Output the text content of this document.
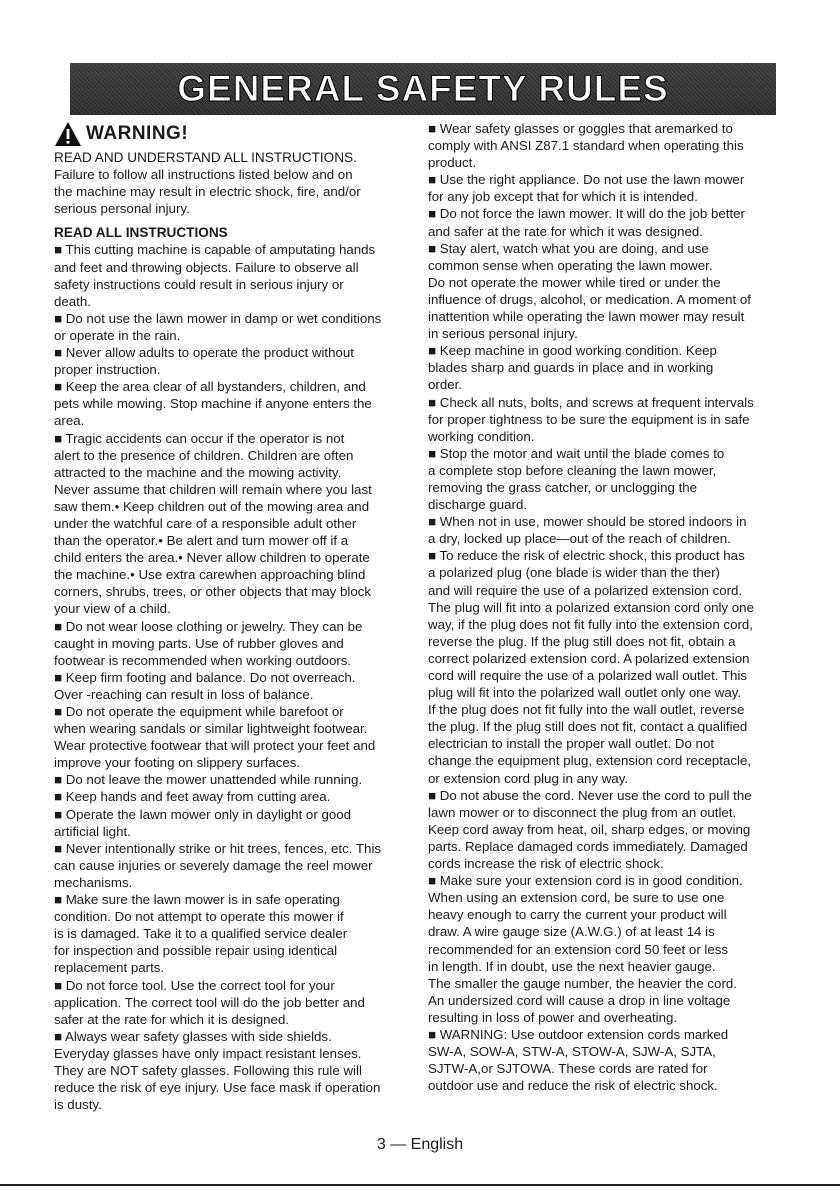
GENERAL SAFETY RULES
WARNING!

READ AND UNDERSTAND ALL INSTRUCTIONS.

Failure to follow all instructions listed below and on

the machine may result in electric shock, fire, and/or

serious personal injury.

READ ALL INSTRUCTIONS

■ This cutting machine is capable of amputating hands

and feet and throwing objects. Failure to observe all

safety instructions could result in serious injury or

death.

■ Do not use the lawn mower in damp or wet conditions

or operate in the rain.

■ Never allow adults to operate the product without

proper instruction.

■ Keep the area clear of all bystanders, children, and

pets while mowing. Stop machine if anyone enters the

area.

■ Tragic accidents can occur if the operator is not

alert to the presence of children. Children are often

attracted to the machine and the mowing activity.

Never assume that children will remain where you last

saw them.• Keep children out of the mowing area and

under the watchful care of a responsible adult other

than the operator.• Be alert and turn mower off if a

child enters the area.• Never allow children to operate

the machine.• Use extra carewhen approaching blind

corners, shrubs, trees, or other objects that may block

your view of a child.

■ Do not wear loose clothing or jewelry. They can be

caught in moving parts. Use of rubber gloves and

footwear is recommended when working outdoors.

■ Keep firm footing and balance. Do not overreach.

Over -reaching can result in loss of balance.

■ Do not operate the equipment while barefoot or

when wearing sandals or similar lightweight footwear.

Wear protective footwear that will protect your feet and

improve your footing on slippery surfaces.

■ Do not leave the mower unattended while running.

■ Keep hands and feet away from cutting area.

■ Operate the lawn mower only in daylight or good

artificial light.

■ Never intentionally strike or hit trees, fences, etc. This

can cause injuries or severely damage the reel mower

mechanisms.

■ Make sure the lawn mower is in safe operating

condition. Do not attempt to operate this mower if

is is damaged. Take it to a qualified service dealer

for inspection and possible repair using identical

replacement parts.

■ Do not force tool. Use the correct tool for your

application. The correct tool will do the job better and

safer at the rate for which it is designed.

■ Always wear safety glasses with side shields.

Everyday glasses have only impact resistant lenses.

They are NOT safety glasses. Following this rule will

reduce the risk of eye injury. Use face mask if operation

is dusty.

■ Wear safety glasses or goggles that aremarked to

comply with ANSI Z87.1 standard when operating this

product.

■ Use the right appliance. Do not use the lawn mower

for any job except that for which it is intended.

■ Do not force the lawn mower. It will do the job better

and safer at the rate for which it was designed.

■ Stay alert, watch what you are doing, and use

common sense when operating the lawn mower.

Do not operate the mower while tired or under the

influence of drugs, alcohol, or medication. A moment of

inattention while operating the lawn mower may result

in serious personal injury.

■ Keep machine in good working condition. Keep

blades sharp and guards in place and in working

order.

■ Check all nuts, bolts, and screws at frequent intervals

for proper tightness to be sure the equipment is in safe

working condition.

■ Stop the motor and wait until the blade comes to

a complete stop before cleaning the lawn mower,

removing the grass catcher, or unclogging the

discharge guard.

■ When not in use, mower should be stored indoors in

a dry, locked up place—out of the reach of children.

■ To reduce the risk of electric shock, this product has

a polarized plug (one blade is wider than the ther)

and will require the use of a polarized extension cord.

The plug will fit into a polarized extansion cord only one

way, if the plug does not fit fully into the extension cord,

reverse the plug. If the plug still does not fit, obtain a

correct polarized extension cord. A polarized extension

cord will require the use of a polarized wall outlet. This

plug will fit into the polarized wall outlet only one way.

If the plug does not fit fully into the wall outlet, reverse

the plug. If the plug still does not fit, contact a qualified

electrician to install the proper wall outlet. Do not

change the equipment plug, extension cord receptacle,

or extension cord plug in any way.

■ Do not abuse the cord. Never use the cord to pull the

lawn mower or to disconnect the plug from an outlet.

Keep cord away from heat, oil, sharp edges, or moving

parts. Replace damaged cords immediately. Damaged

cords increase the risk of electric shock.

■ Make sure your extension cord is in good condition.

When using an extension cord, be sure to use one

heavy enough to carry the current your product will

draw. A wire gauge size (A.W.G.) of at least 14 is

recommended for an extension cord 50 feet or less

in length. If in doubt, use the next heavier gauge.

The smaller the gauge number, the heavier the cord.

An undersized cord will cause a drop in line voltage

resulting in loss of power and overheating.

■ WARNING: Use outdoor extension cords marked

SW-A, SOW-A, STW-A, STOW-A, SJW-A, SJTA,

SJTW-A,or SJTOWA. These cords are rated for

outdoor use and reduce the risk of electric shock.

3 — English
